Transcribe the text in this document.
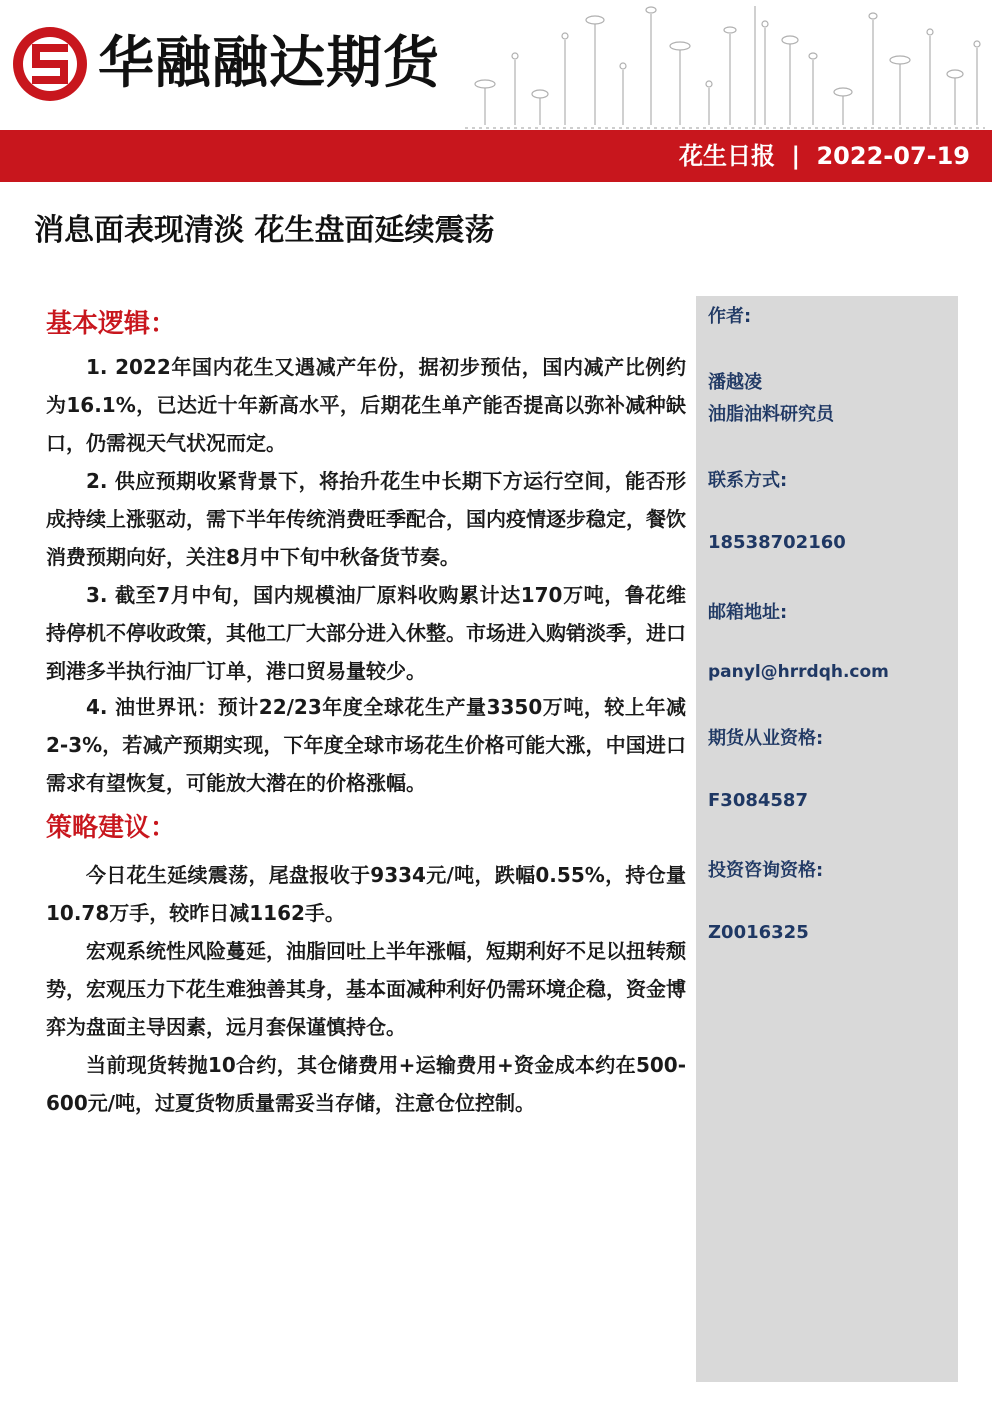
华融融达期货
花生日报 | 2022-07-19
消息面表现清淡 花生盘面延续震荡
作者:
潘越凌
油脂油料研究员
联系方式:
18538702160
邮箱地址:
panyl@hrrdqh.com
期货从业资格:
F3084587
投资咨询资格:
Z0016325
基本逻辑：

1. 2022年国内花生又遇减产年份，据初步预估，国内减产比例约为16.1%，已达近十年新高水平，后期花生单产能否提高以弥补减种缺口，仍需视天气状况而定。

2. 供应预期收紧背景下，将抬升花生中长期下方运行空间，能否形成持续上涨驱动，需下半年传统消费旺季配合，国内疫情逐步稳定，餐饮消费预期向好，关注8月中下旬中秋备货节奏。

3. 截至7月中旬，国内规模油厂原料收购累计达170万吨，鲁花维持停机不停收政策，其他工厂大部分进入休整。市场进入购销淡季，进口到港多半执行油厂订单，港口贸易量较少。

4. 油世界讯：预计22/23年度全球花生产量3350万吨，较上年减2-3%，若减产预期实现，下年度全球市场花生价格可能大涨，中国进口需求有望恢复，可能放大潜在的价格涨幅。

策略建议：

今日花生延续震荡，尾盘报收于9334元/吨，跌幅0.55%，持仓量10.78万手，较昨日减1162手。

宏观系统性风险蔓延，油脂回吐上半年涨幅，短期利好不足以扭转颓势，宏观压力下花生难独善其身，基本面减种利好仍需环境企稳，资金博弈为盘面主导因素，远月套保谨慎持仓。

当前现货转抛10合约，其仓储费用+运输费用+资金成本约在500-600元/吨，过夏货物质量需妥当存储，注意仓位控制。
